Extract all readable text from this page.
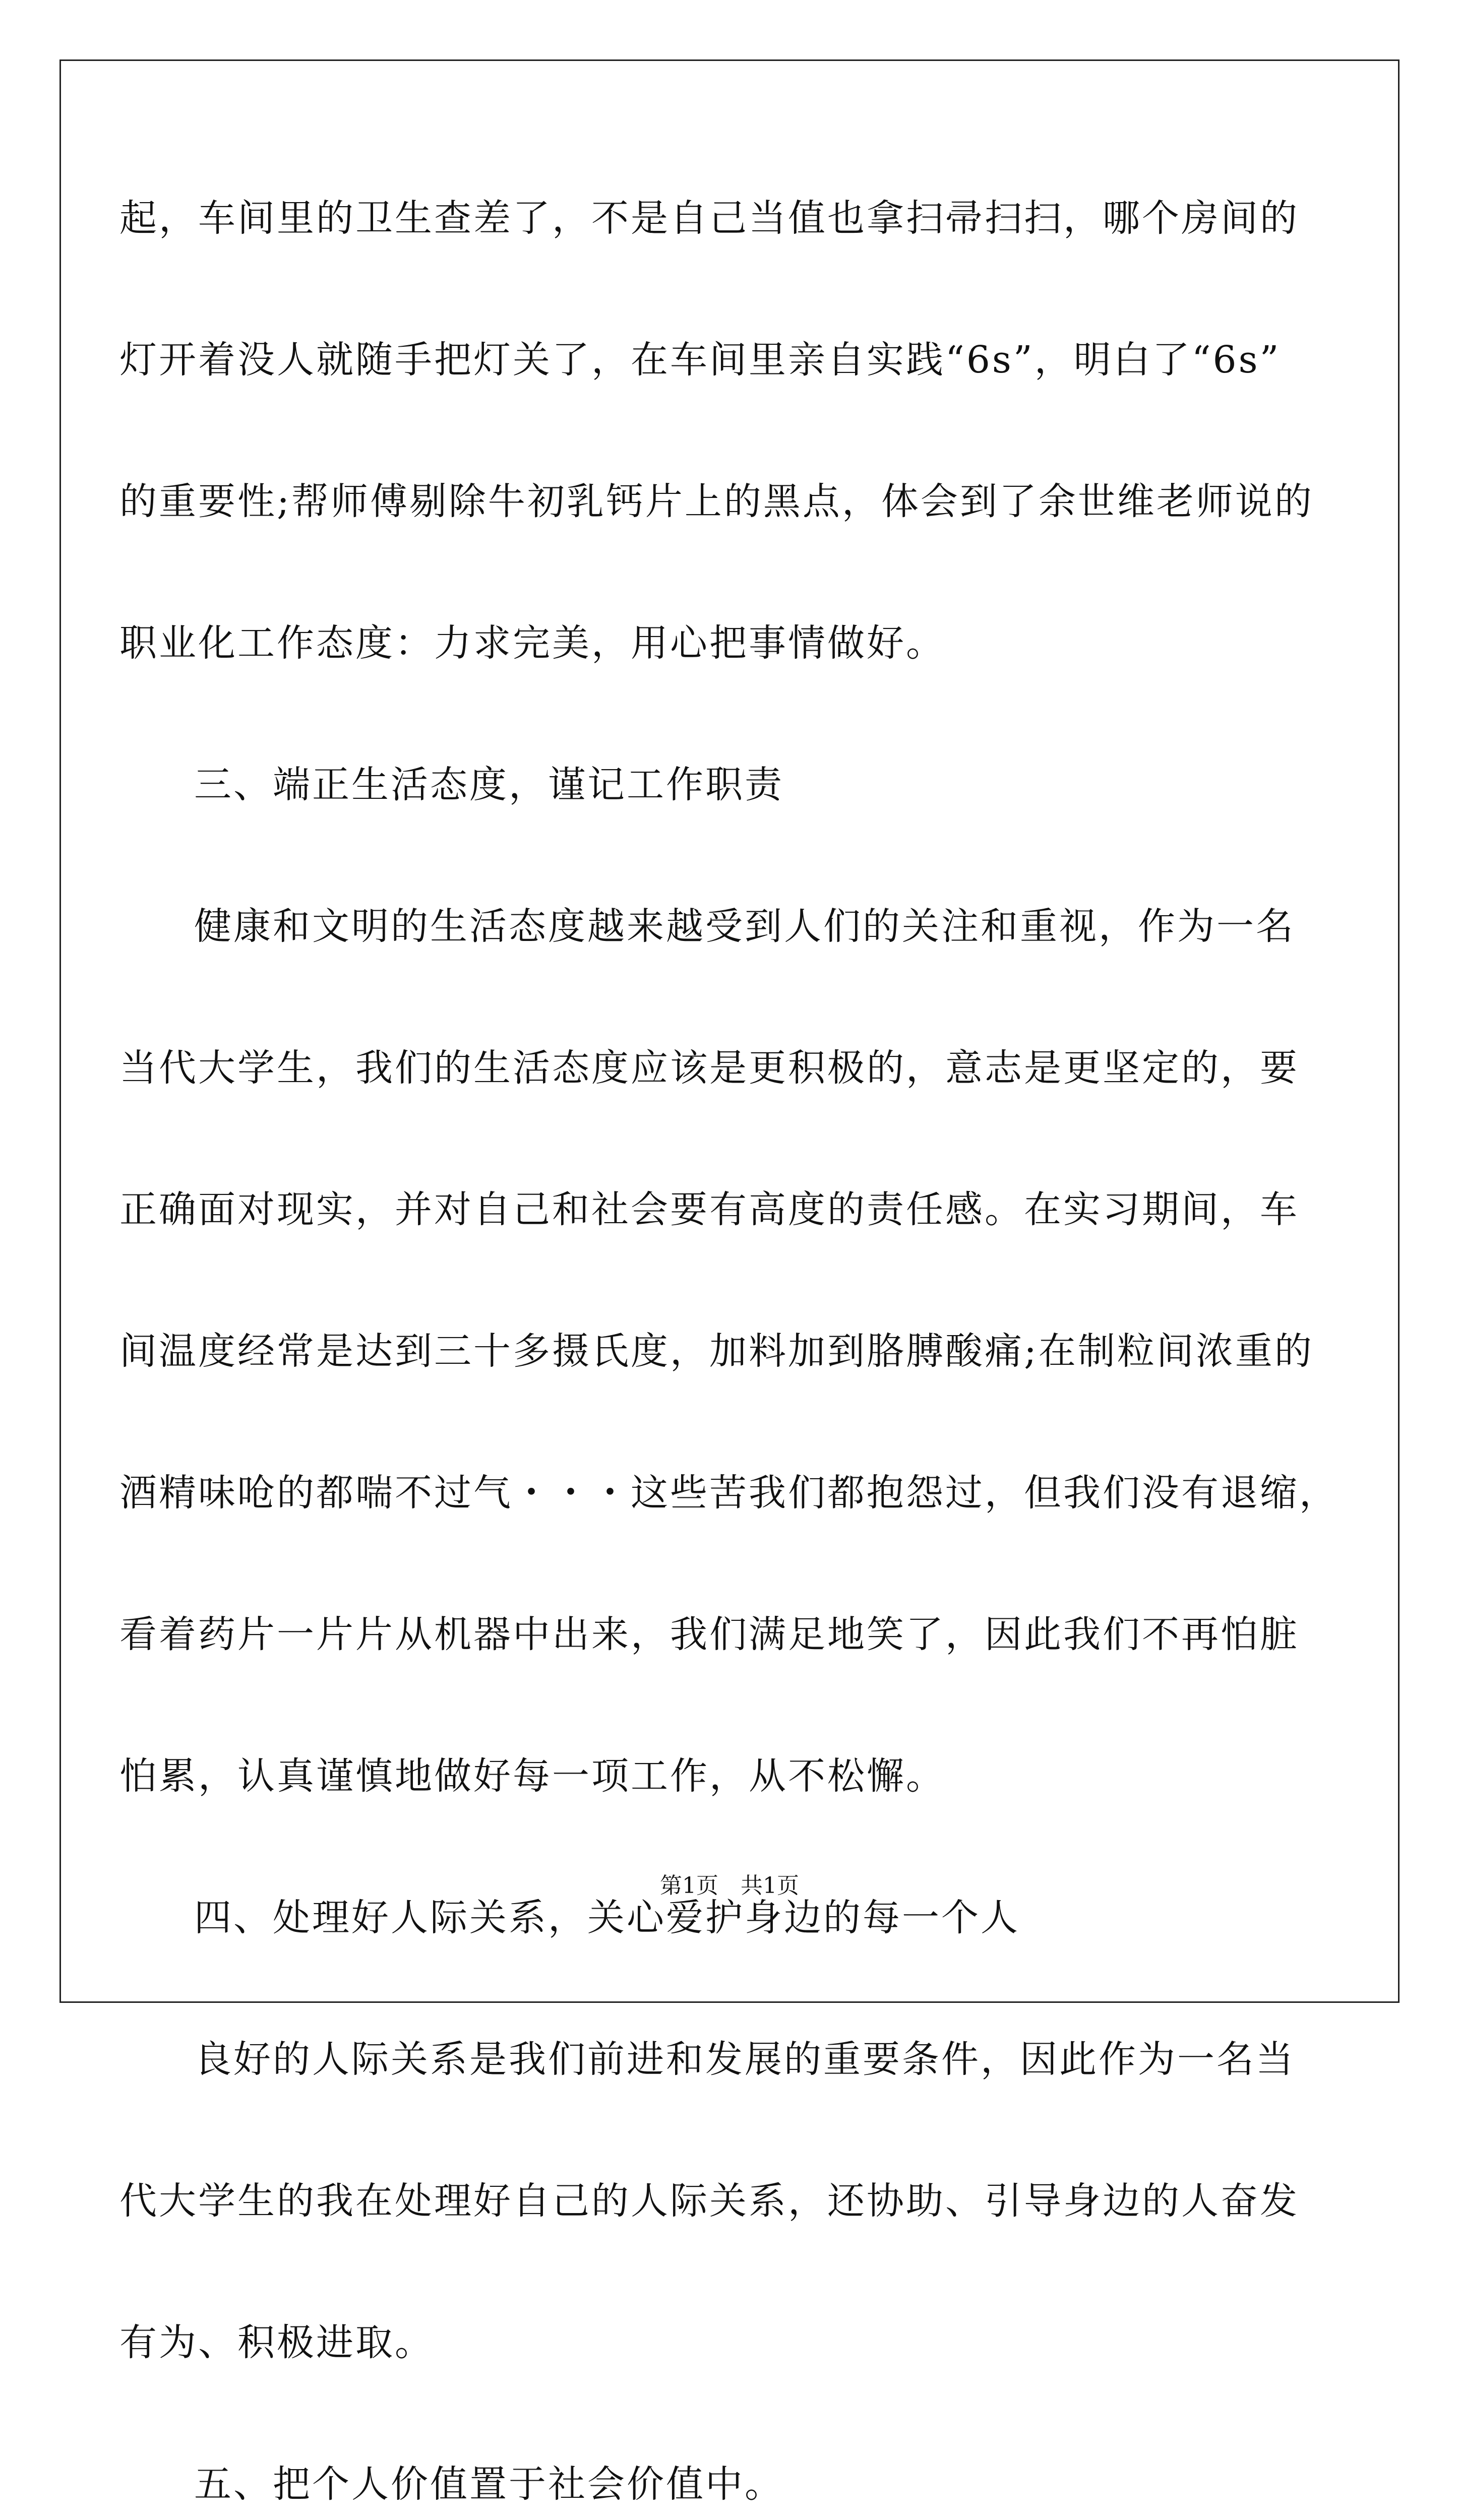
起，车间里的卫生查差了，不是自己当值也拿扫帚扫扫，哪个房间的
灯开着没人就随手把灯关了，在车间里亲自实践“6s”，明白了“6s”
的重要性;帮师傅剔除牛初乳钙片上的黑点，体会到了余世维老师说的
职业化工作态度：力求完美，用心把事情做好。
三、端正生活态度，谨记工作职责
健康和文明的生活态度越来越受到人们的关注和重视，作为一名
当代大学生，我们的生活态度应该是更积极的，意志是更坚定的，要
正确面对现实，并对自己和社会要有高度的责任感。在实习期间，车
间温度经常是达到三十多摄氏度，加料加到胳膊酸痛;在制粒间浓重的
酒精味呛的都喘不过气・・・这些苦我们都抱怨过，但我们没有退缩，
看着药片一片片从机器中出来，我们满足地笑了，因此我们不再怕脏
怕累，认真谨慎地做好每一项工作，从不松懈。
四、处理好人际关系，关心爱护身边的每一个人
良好的人际关系是我们前进和发展的重要条件，因此作为一名当
代大学生的我在处理好自己的人际关系，还协助、引导身边的人奋发
有为、积极进取。
五、把个人价值置于社会价值中。
第1页　共1页
